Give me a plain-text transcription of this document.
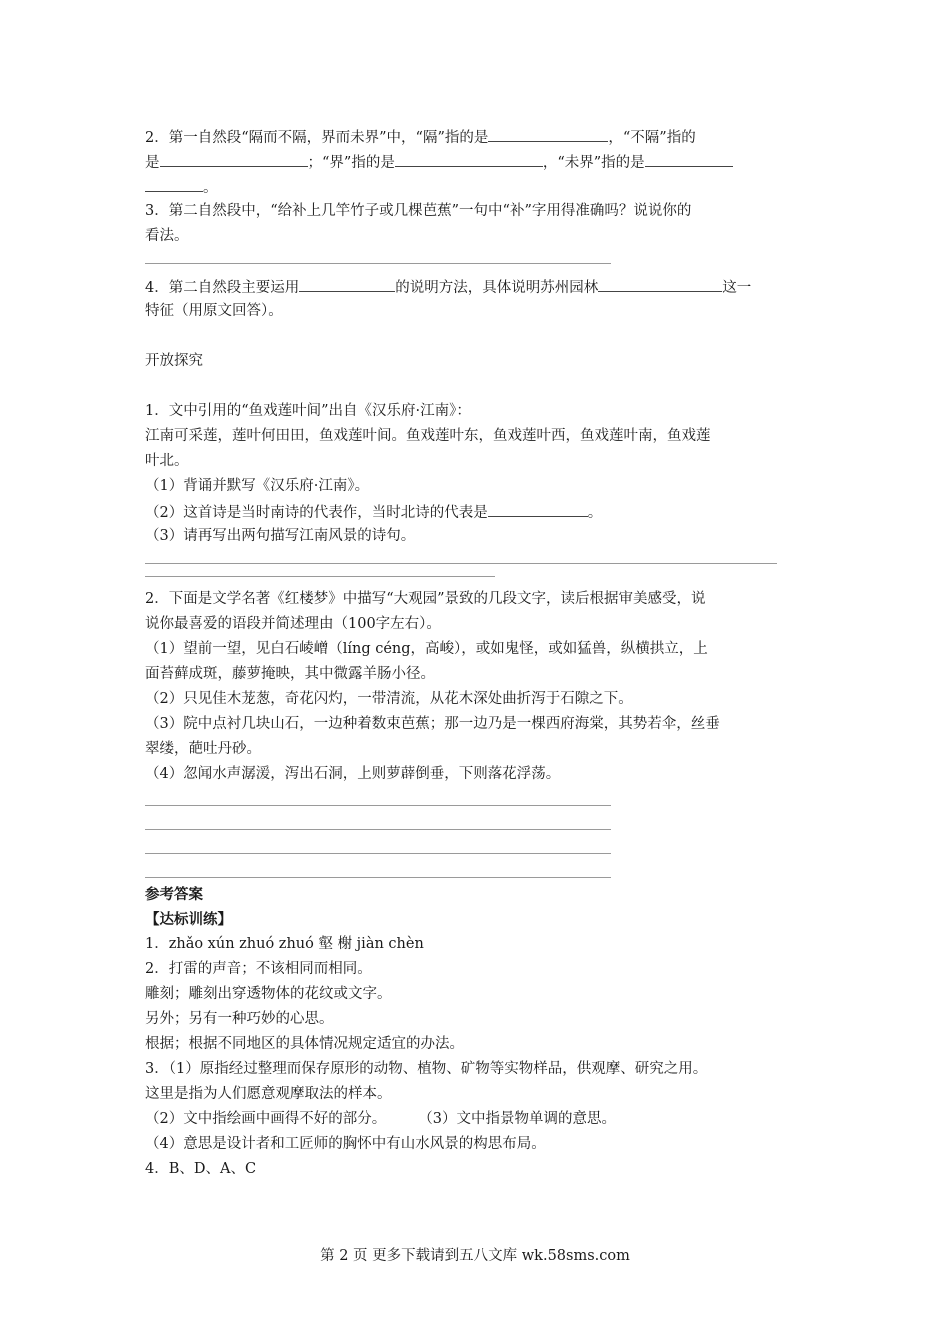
2．第一自然段“隔而不隔，界而未界”中，“隔”指的是	，“不隔”指的
是	；“界”指的是	，“未界”指的是
。
3．第二自然段中，“给补上几竿竹子或几棵芭蕉”一句中“补”字用得准确吗？说说你的
看法。
4．第二自然段主要运用	的说明方法，具体说明苏州园林	这一
特征（用原文回答）。
开放探究
1．文中引用的“鱼戏莲叶间”出自《汉乐府·江南》：
江南可采莲，莲叶何田田，鱼戏莲叶间。鱼戏莲叶东，鱼戏莲叶西，鱼戏莲叶南，鱼戏莲
叶北。
（1）背诵并默写《汉乐府·江南》。
（2）这首诗是当时南诗的代表作，当时北诗的代表是	。
（3）请再写出两句描写江南风景的诗句。
2．下面是文学名著《红楼梦》中描写“大观园”景致的几段文字，读后根据审美感受，说
说你最喜爱的语段并简述理由（100字左右）。
（1）望前一望，见白石崚嶒（líng céng，高峻），或如鬼怪，或如猛兽，纵横拱立，上
面苔藓成斑，藤萝掩映，其中微露羊肠小径。
（2）只见佳木茏葱，奇花闪灼，一带清流，从花木深处曲折泻于石隙之下。
（3）院中点衬几块山石，一边种着数束芭蕉；那一边乃是一棵西府海棠，其势若伞，丝垂
翠缕，葩吐丹砂。
（4）忽闻水声潺湲，泻出石洞，上则萝薜倒垂，下则落花浮荡。
参考答案
【达标训练】
1．zhǎo xún zhuó zhuó 壑 榭 jiàn chèn
2．打雷的声音；不该相同而相同。
雕刻；雕刻出穿透物体的花纹或文字。
另外；另有一种巧妙的心思。
根据；根据不同地区的具体情况规定适宜的办法。
3．（1）原指经过整理而保存原形的动物、植物、矿物等实物样品，供观摩、研究之用。
这里是指为人们愿意观摩取法的样本。
（2）文中指绘画中画得不好的部分。 （3）文中指景物单调的意思。
（4）意思是设计者和工匠师的胸怀中有山水风景的构思布局。
4．B、D、A、C
第 2 页 更多下载请到五八文库 wk.58sms.com
